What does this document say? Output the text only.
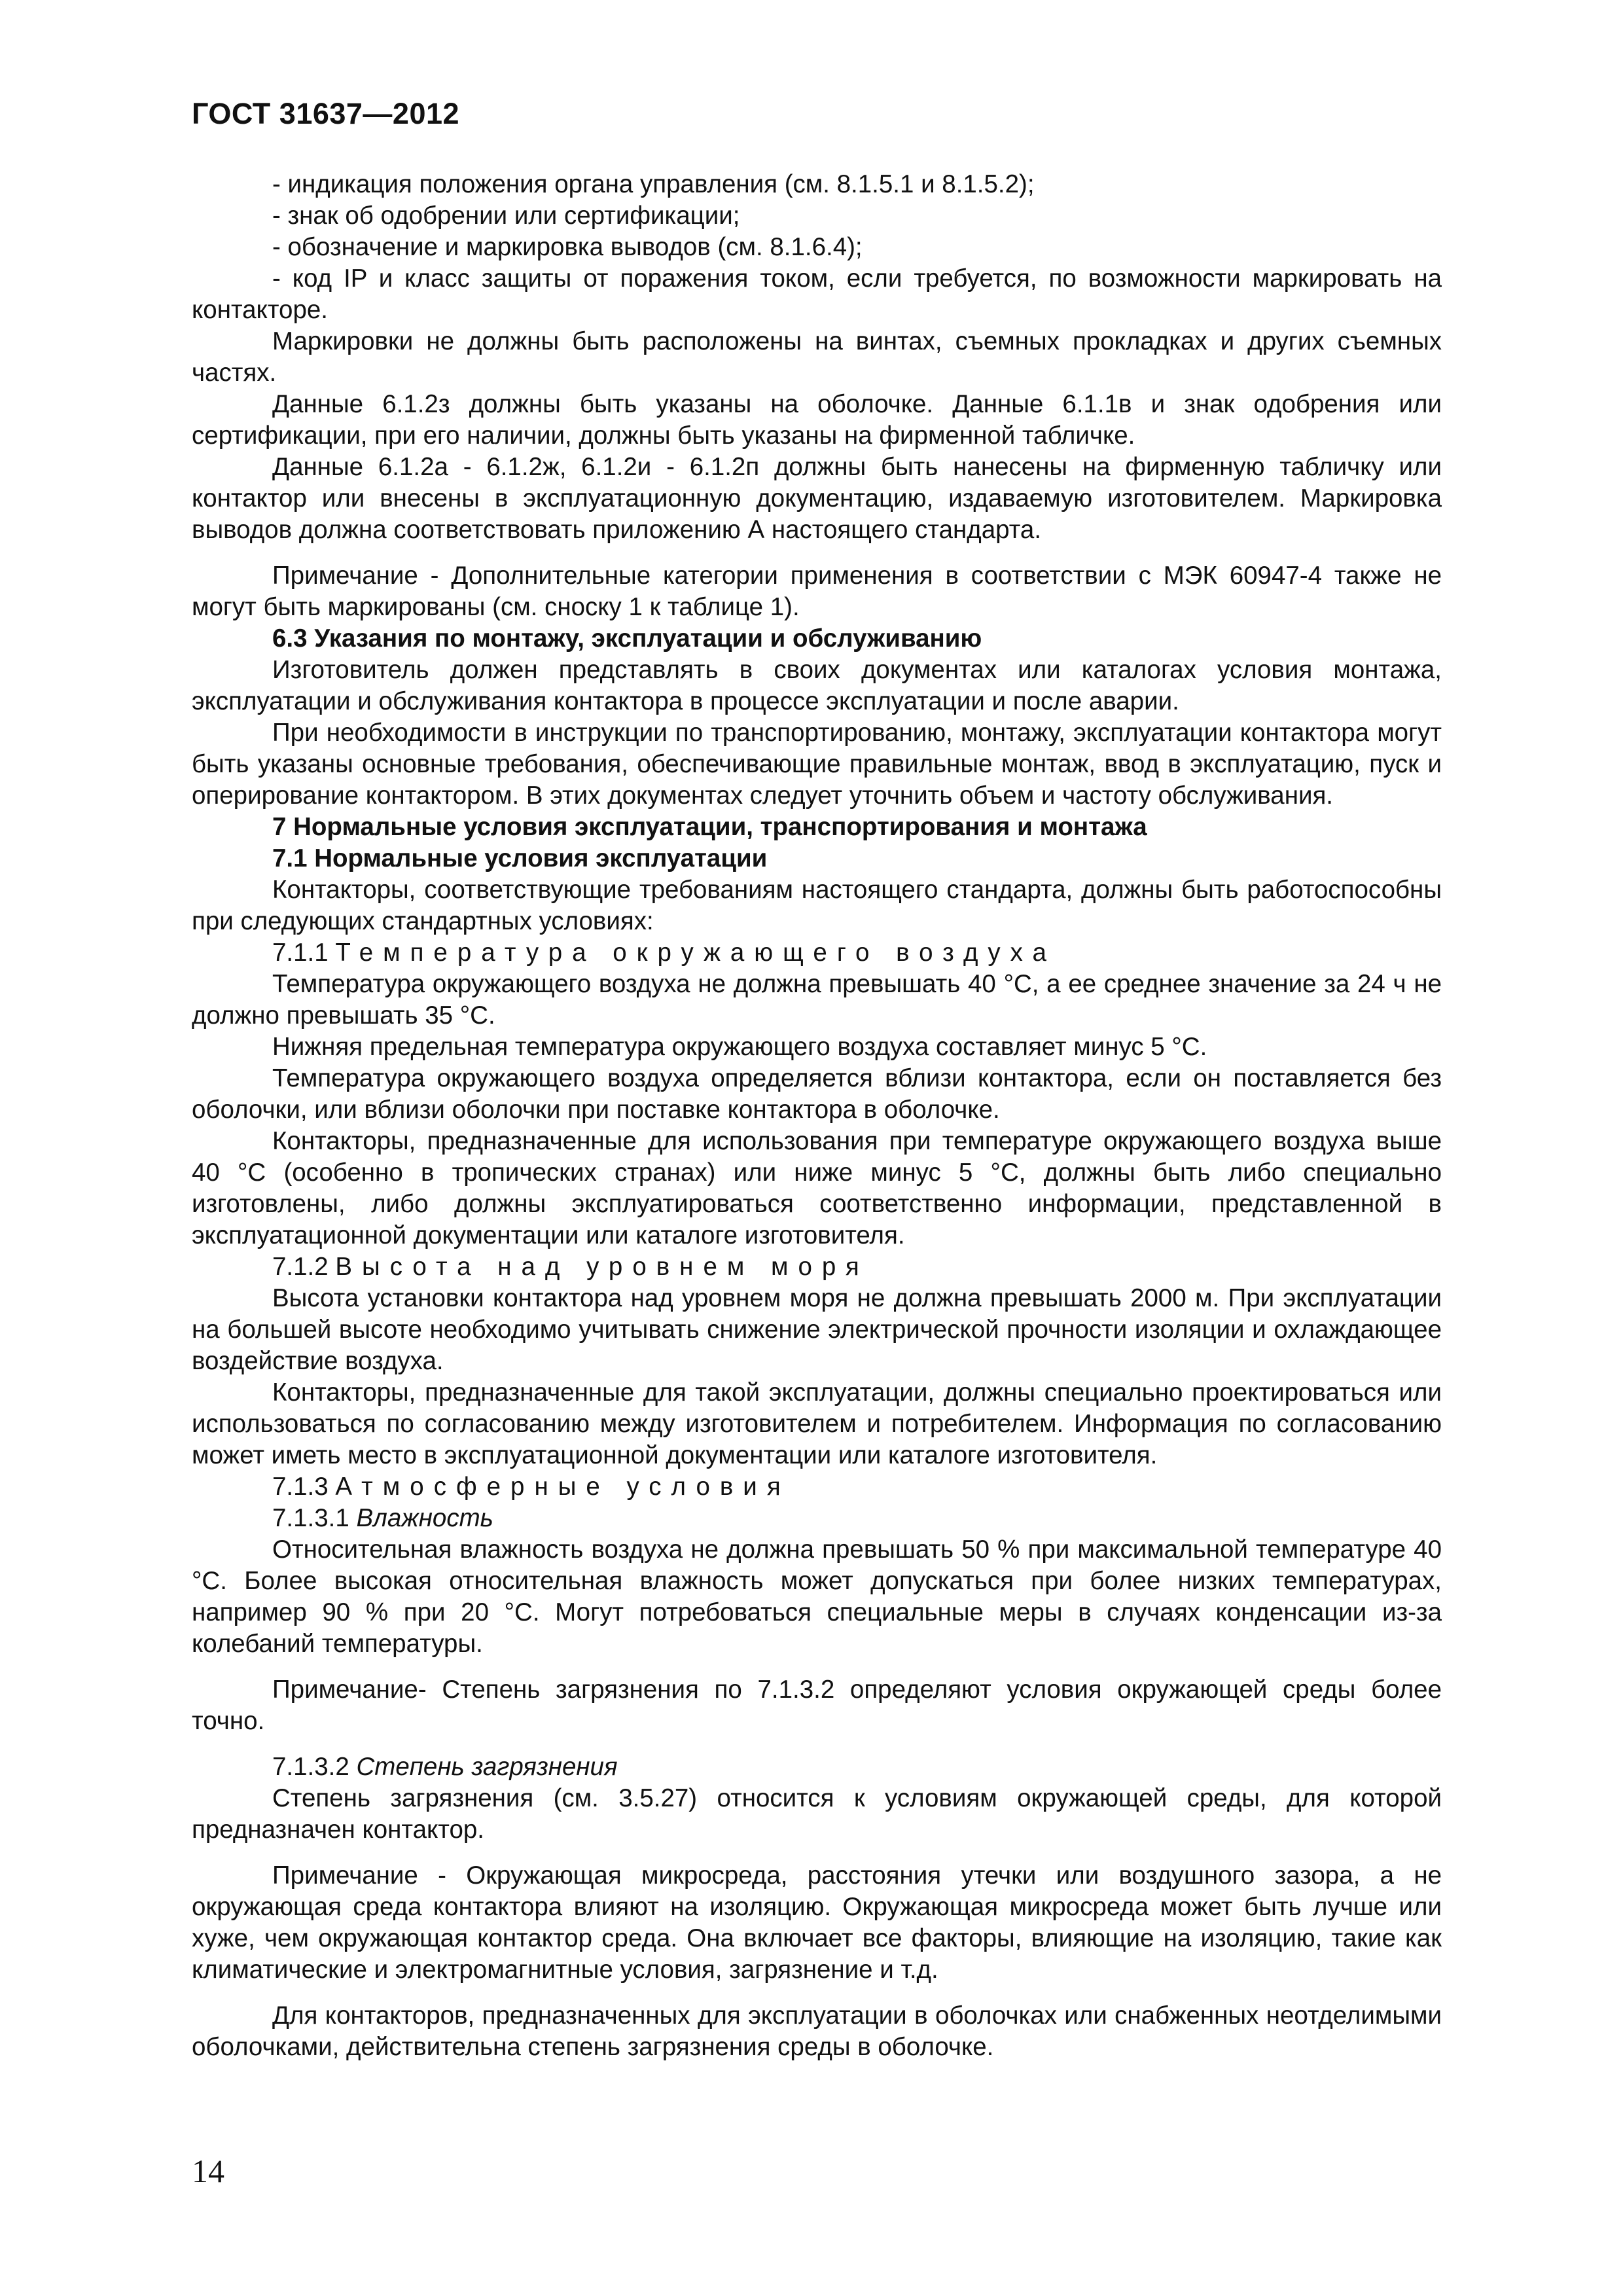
ГОСТ 31637—2012

- индикация положения органа управления (см. 8.1.5.1 и 8.1.5.2);

- знак об одобрении или сертификации;

- обозначение и маркировка выводов (см. 8.1.6.4);

- код IP и класс защиты от поражения током, если требуется, по возможности маркировать на контакторе.

Маркировки не должны быть расположены на винтах, съемных прокладках и других съемных частях.

Данные 6.1.2з должны быть указаны на оболочке. Данные 6.1.1в и знак одобрения или сертификации, при его наличии, должны быть указаны на фирменной табличке.

Данные 6.1.2а - 6.1.2ж, 6.1.2и - 6.1.2п должны быть нанесены на фирменную табличку или контактор или внесены в эксплуатационную документацию, издаваемую изготовителем. Маркировка выводов должна соответствовать приложению А настоящего стандарта.

Примечание - Дополнительные категории применения в соответствии с МЭК 60947-4 также не могут быть маркированы (см. сноску 1 к таблице 1).

6.3 Указания по монтажу, эксплуатации и обслуживанию

Изготовитель должен представлять в своих документах или каталогах условия монтажа, эксплуатации и обслуживания контактора в процессе эксплуатации и после аварии.

При необходимости в инструкции по транспортированию, монтажу, эксплуатации контактора могут быть указаны основные требования, обеспечивающие правильные монтаж, ввод в эксплуатацию, пуск и оперирование контактором. В этих документах следует уточнить объем и частоту обслуживания.

7 Нормальные условия эксплуатации, транспортирования и монтажа

7.1 Нормальные условия эксплуатации

Контакторы, соответствующие требованиям настоящего стандарта, должны быть работоспособны при следующих стандартных условиях:

7.1.1 Температура окружающего воздуха

Температура окружающего воздуха не должна превышать 40 °С, а ее среднее значение за 24 ч не должно превышать 35 °С.

Нижняя предельная температура окружающего воздуха составляет минус 5 °С.

Температура окружающего воздуха определяется вблизи контактора, если он поставляется без оболочки, или вблизи оболочки при поставке контактора в оболочке.

Контакторы, предназначенные для использования при температуре окружающего воздуха выше 40 °С (особенно в тропических странах) или ниже минус 5 °С, должны быть либо специально изготовлены, либо должны эксплуатироваться соответственно информации, представленной в эксплуатационной документации или каталоге изготовителя.

7.1.2 Высота над уровнем моря

Высота установки контактора над уровнем моря не должна превышать 2000 м. При эксплуатации на большей высоте необходимо учитывать снижение электрической прочности изоляции и охлаждающее воздействие воздуха.

Контакторы, предназначенные для такой эксплуатации, должны специально проектироваться или использоваться по согласованию между изготовителем и потребителем. Информация по согласованию может иметь место в эксплуатационной документации или каталоге изготовителя.

7.1.3 Атмосферные условия

7.1.3.1 Влажность

Относительная влажность воздуха не должна превышать 50 % при максимальной температуре 40 °С. Более высокая относительная влажность может допускаться при более низких температурах, например 90 % при 20 °С. Могут потребоваться специальные меры в случаях конденсации из-за колебаний температуры.

Примечание- Степень загрязнения по 7.1.3.2 определяют условия окружающей среды более точно.

7.1.3.2 Степень загрязнения

Степень загрязнения (см. 3.5.27) относится к условиям окружающей среды, для которой предназначен контактор.

Примечание - Окружающая микросреда, расстояния утечки или воздушного зазора, а не окружающая среда контактора влияют на изоляцию. Окружающая микросреда может быть лучше или хуже, чем окружающая контактор среда. Она включает все факторы, влияющие на изоляцию, такие как климатические и электромагнитные условия, загрязнение и т.д.

Для контакторов, предназначенных для эксплуатации в оболочках или снабженных неотделимыми оболочками, действительна степень загрязнения среды в оболочке.

14
